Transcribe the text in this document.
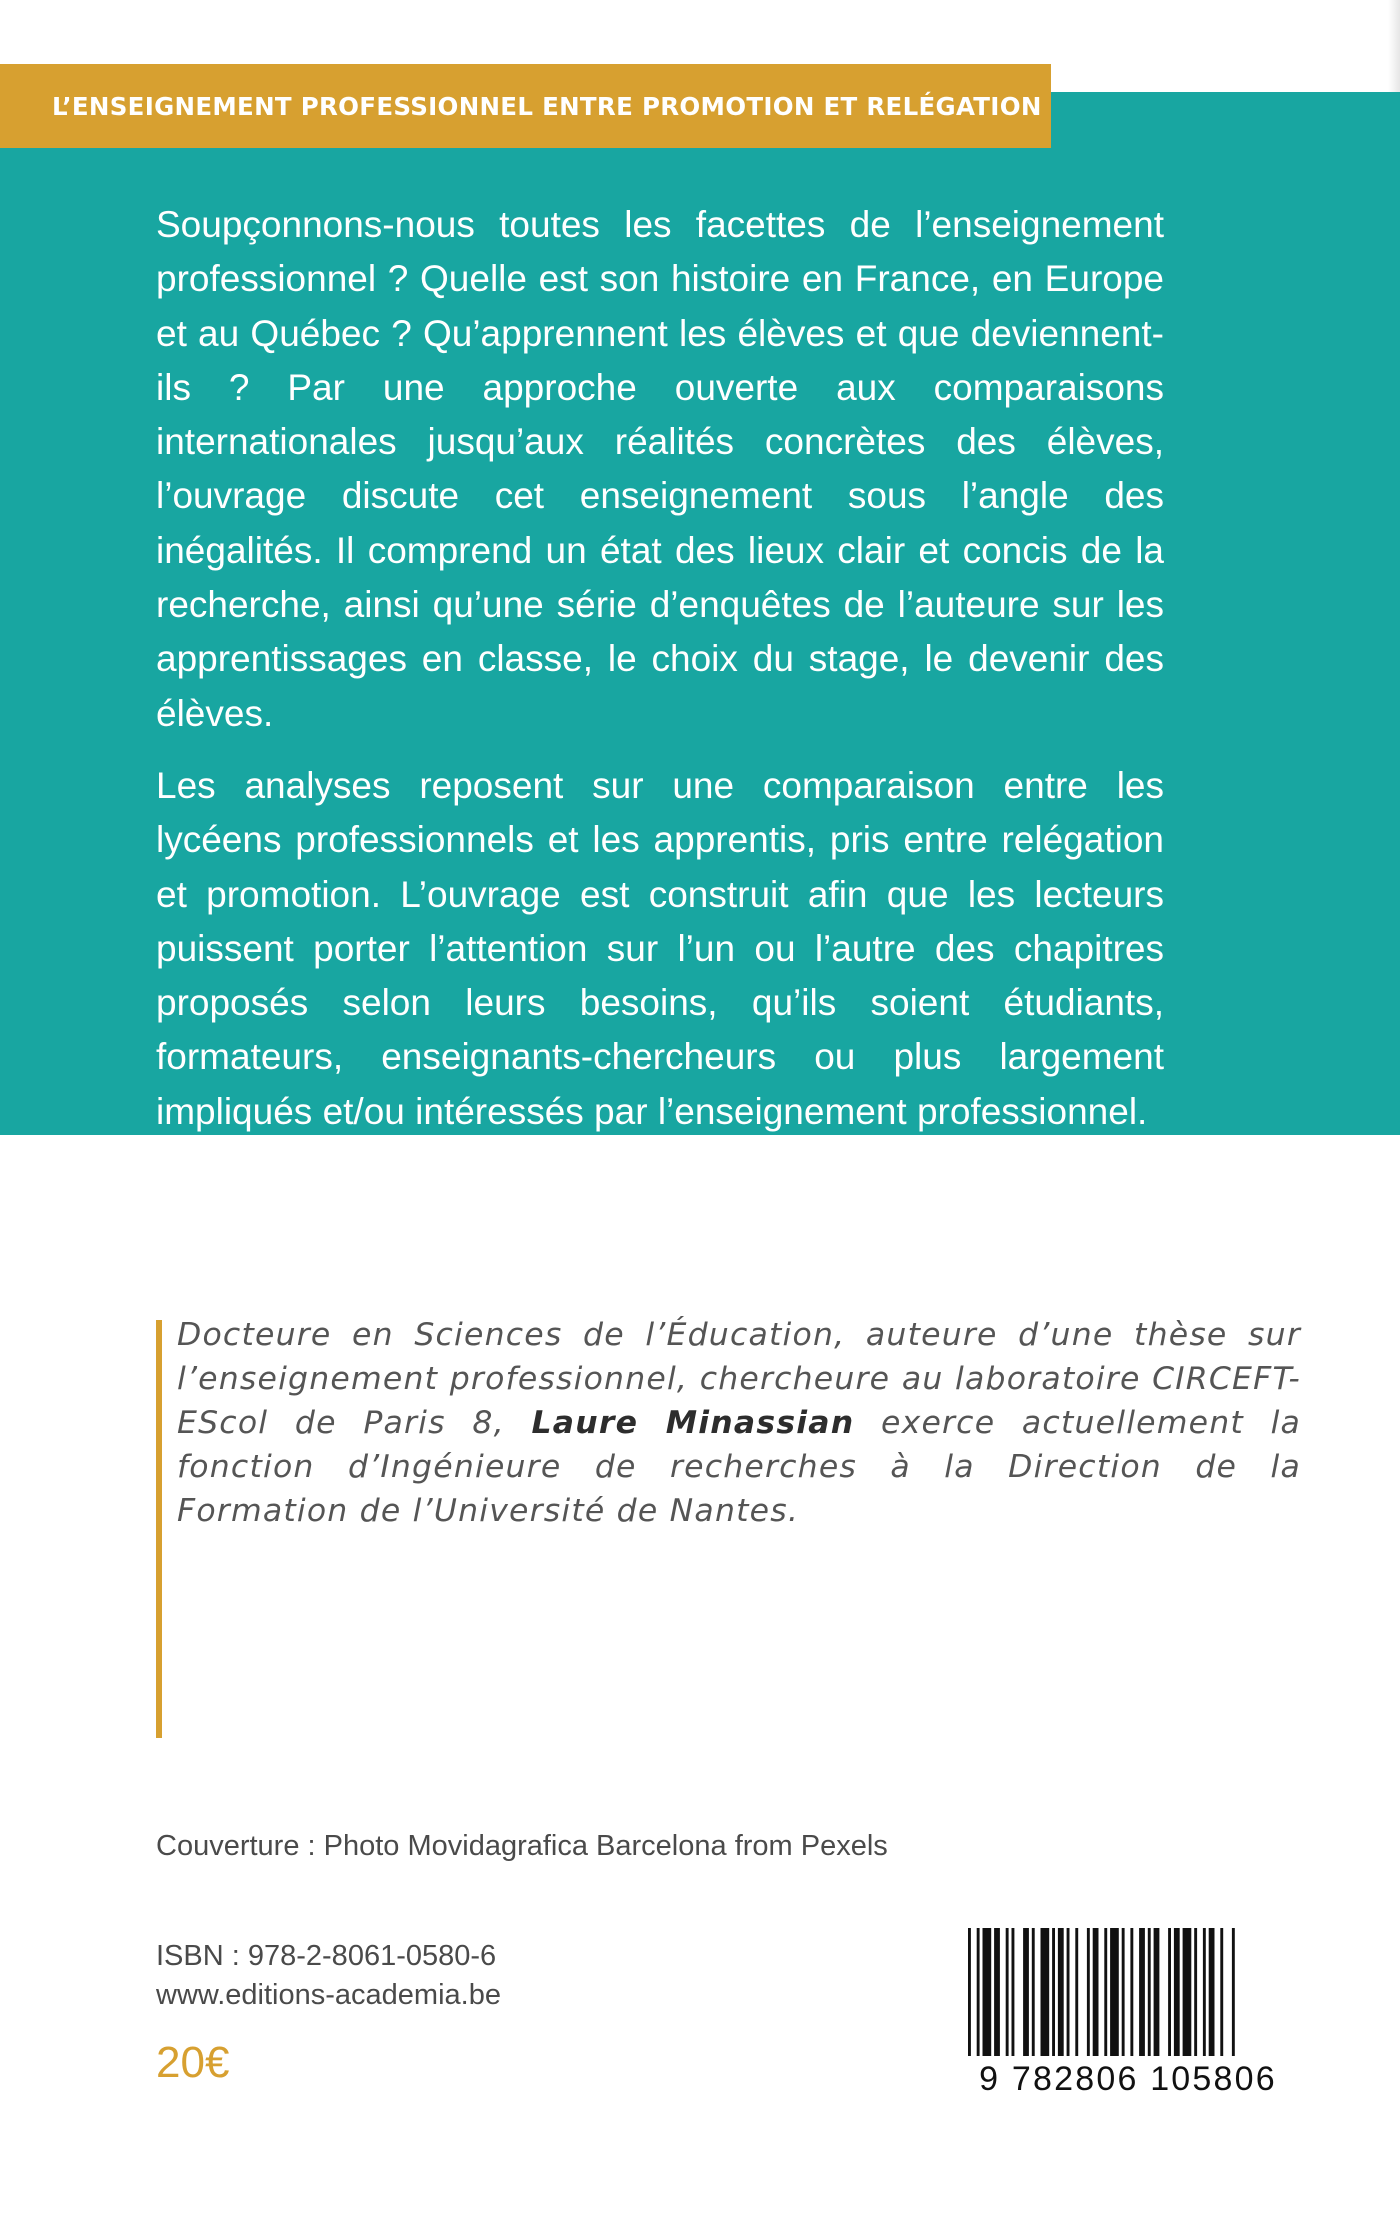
L’ENSEIGNEMENT PROFESSIONNEL ENTRE PROMOTION ET RELÉGATION

Soupçonnons-nous toutes les facettes de l’enseignement professionnel ? Quelle est son histoire en France, en Europe et au Québec ? Qu’apprennent les élèves et que deviennent-ils ? Par une approche ouverte aux comparaisons internationales jusqu’aux réalités concrètes des élèves, l’ouvrage discute cet enseignement sous l’angle des inégalités. Il comprend un état des lieux clair et concis de la recherche, ainsi qu’une série d’enquêtes de l’auteure sur les apprentissages en classe, le choix du stage, le devenir des élèves.

Les analyses reposent sur une comparaison entre les lycéens professionnels et les apprentis, pris entre relégation et promotion. L’ouvrage est construit afin que les lecteurs puissent porter l’attention sur l’un ou l’autre des chapitres proposés selon leurs besoins, qu’ils soient étudiants, formateurs, enseignants-chercheurs ou plus largement impliqués et/ou intéressés par l’enseignement professionnel.

Docteure en Sciences de l’Éducation, auteure d’une thèse sur l’enseignement professionnel, chercheure au laboratoire CIRCEFT-EScol de Paris 8, Laure Minassian exerce actuellement la fonction d’Ingénieure de recherches à la Direction de la Formation de l’Université de Nantes.
Couverture : Photo Movidagrafica Barcelona from Pexels
ISBN : 978-2-8061-0580-6
www.editions-academia.be
20€	9 782806 105806
